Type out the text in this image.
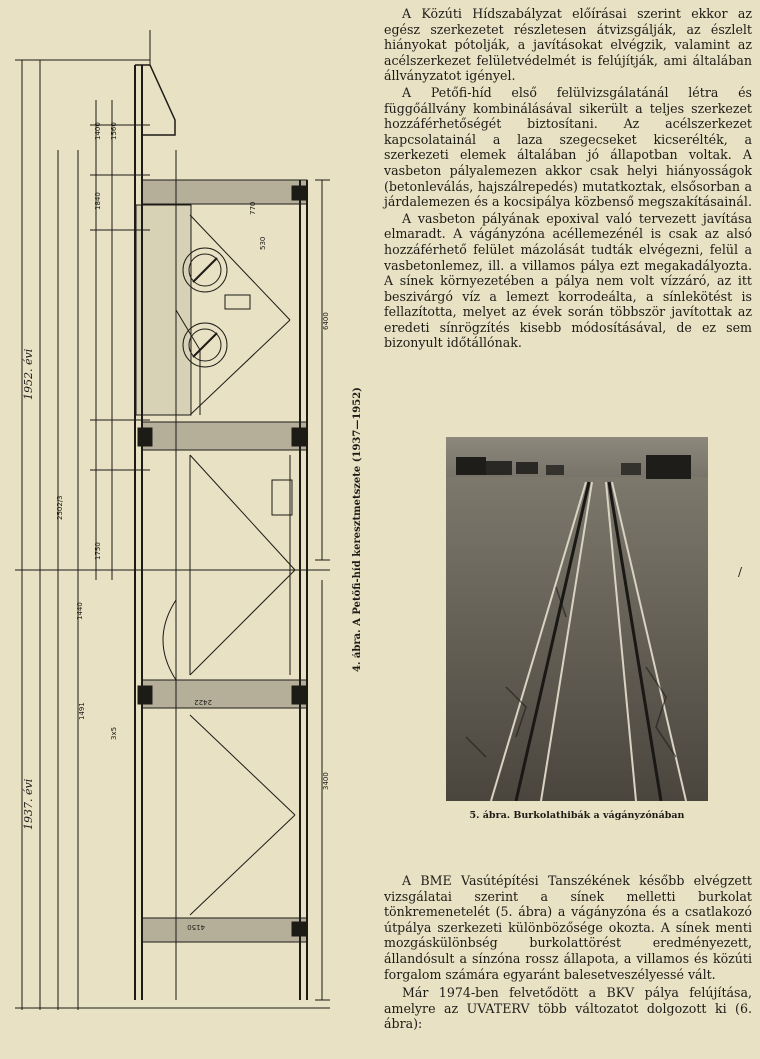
1400
1840
1560
770
530
6400
2502/3
1440
1750
1491
2422
3400
4150
3x5
1952. évi
1937. évi
4. ábra. A Petőfi-híd keresztmetszete (1937—1952)

A Közúti Hídszabályzat előírásai szerint ekkor az egész szerkezetet részletesen átvizsgálják, az észlelt hiányokat pótolják, a javításokat elvégzik, valamint az acélszerkezet felületvédelmét is felújítják, ami általában állványzatot igényel.

A Petőfi-híd első felülvizsgálatánál létra és függőállvány kombinálásával sikerült a teljes szerkezet hozzáférhetőségét biztosítani. Az acélszerkezet kapcsolatainál a laza szegecseket kicserélték, a szerkezeti elemek általában jó állapotban voltak. A vasbeton pályalemezen akkor csak helyi hiányosságok (betonleválás, hajszálrepedés) mutatkoztak, elsősorban a járdalemezen és a kocsipálya közbenső megszakításainál.

A vasbeton pályának epoxival való tervezett javítása elmaradt. A vágányzóna acéllemezénél is csak az alsó hozzáférhető felület mázolását tudták elvégezni, felül a vasbetonlemez, ill. a villamos pálya ezt megakadályozta. A sínek környezetében a pálya nem volt vízzáró, az itt beszivárgó víz a lemezt korrodeálta, a sínlekötést is fellazította, melyet az évek során többször javítottak az eredeti sínrögzítés kisebb módosításával, de ez sem bizonyult időtállónak.

5. ábra. Burkolathibák a vágányzónában
/

A BME Vasútépítési Tanszékének később elvégzett vizsgálatai szerint a sínek melletti burkolat tönkremenetelét (5. ábra) a vágányzóna és a csatlakozó útpálya szerkezeti különbözősége okozta. A sínek menti mozgáskülönbség burkolattörést eredményezett, állandósult a sínzóna rossz állapota, a villamos és közúti forgalom számára egyaránt balesetveszélyessé vált.

Már 1974-ben felvetődött a BKV pálya felújítása, amelyre az UVATERV több változatot dolgozott ki (6. ábra):
